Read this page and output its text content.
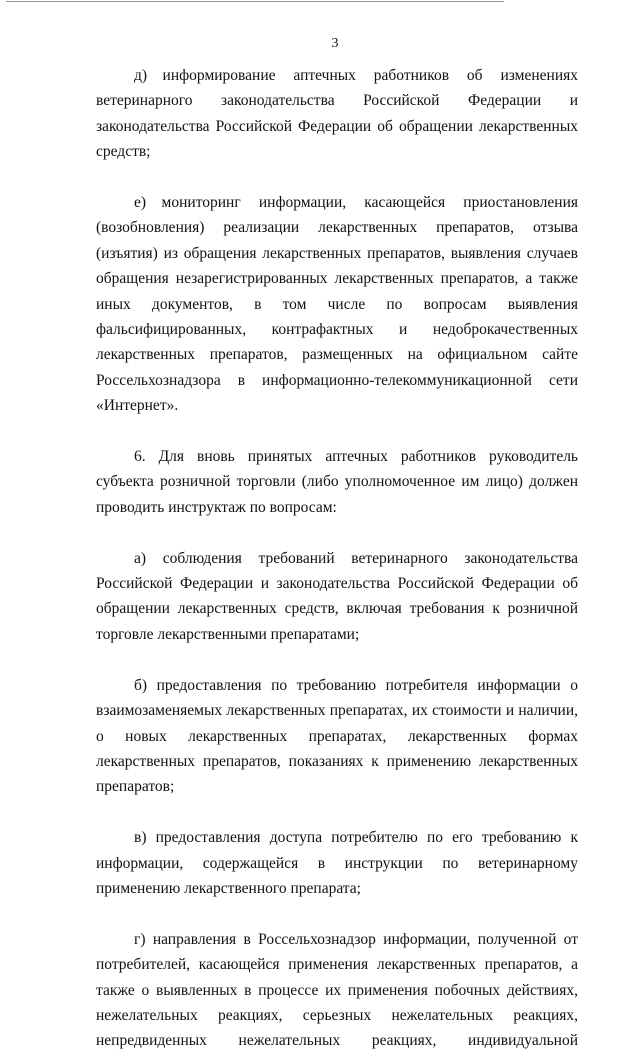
3

д) информирование аптечных работников об изменениях ветеринарного законодательства Российской Федерации и законодательства Российской Федерации об обращении лекарственных средств;

е) мониторинг информации, касающейся приостановления (возобновления) реализации лекарственных препаратов, отзыва (изъятия) из обращения лекарственных препаратов, выявления случаев обращения незарегистрированных лекарственных препаратов, а также иных документов, в том числе по вопросам выявления фальсифицированных, контрафактных и недоброкачественных лекарственных препаратов, размещенных на официальном сайте Россельхознадзора в информационно-телекоммуникационной сети «Интернет».

6. Для вновь принятых аптечных работников руководитель субъекта розничной торговли (либо уполномоченное им лицо) должен проводить инструктаж по вопросам:

а) соблюдения требований ветеринарного законодательства Российской Федерации и законодательства Российской Федерации об обращении лекарственных средств, включая требования к розничной торговле лекарственными препаратами;

б) предоставления по требованию потребителя информации о взаимозаменяемых лекарственных препаратах, их стоимости и наличии, о новых лекарственных препаратах, лекарственных формах лекарственных препаратов, показаниях к применению лекарственных препаратов;

в) предоставления доступа потребителю по его требованию к информации, содержащейся в инструкции по ветеринарному применению лекарственного препарата;

г) направления в Россельхознадзор информации, полученной от потребителей, касающейся применения лекарственных препаратов, а также о выявленных в процессе их применения побочных действиях, нежелательных реакциях, серьезных нежелательных реакциях, непредвиденных нежелательных реакциях, индивидуальной
